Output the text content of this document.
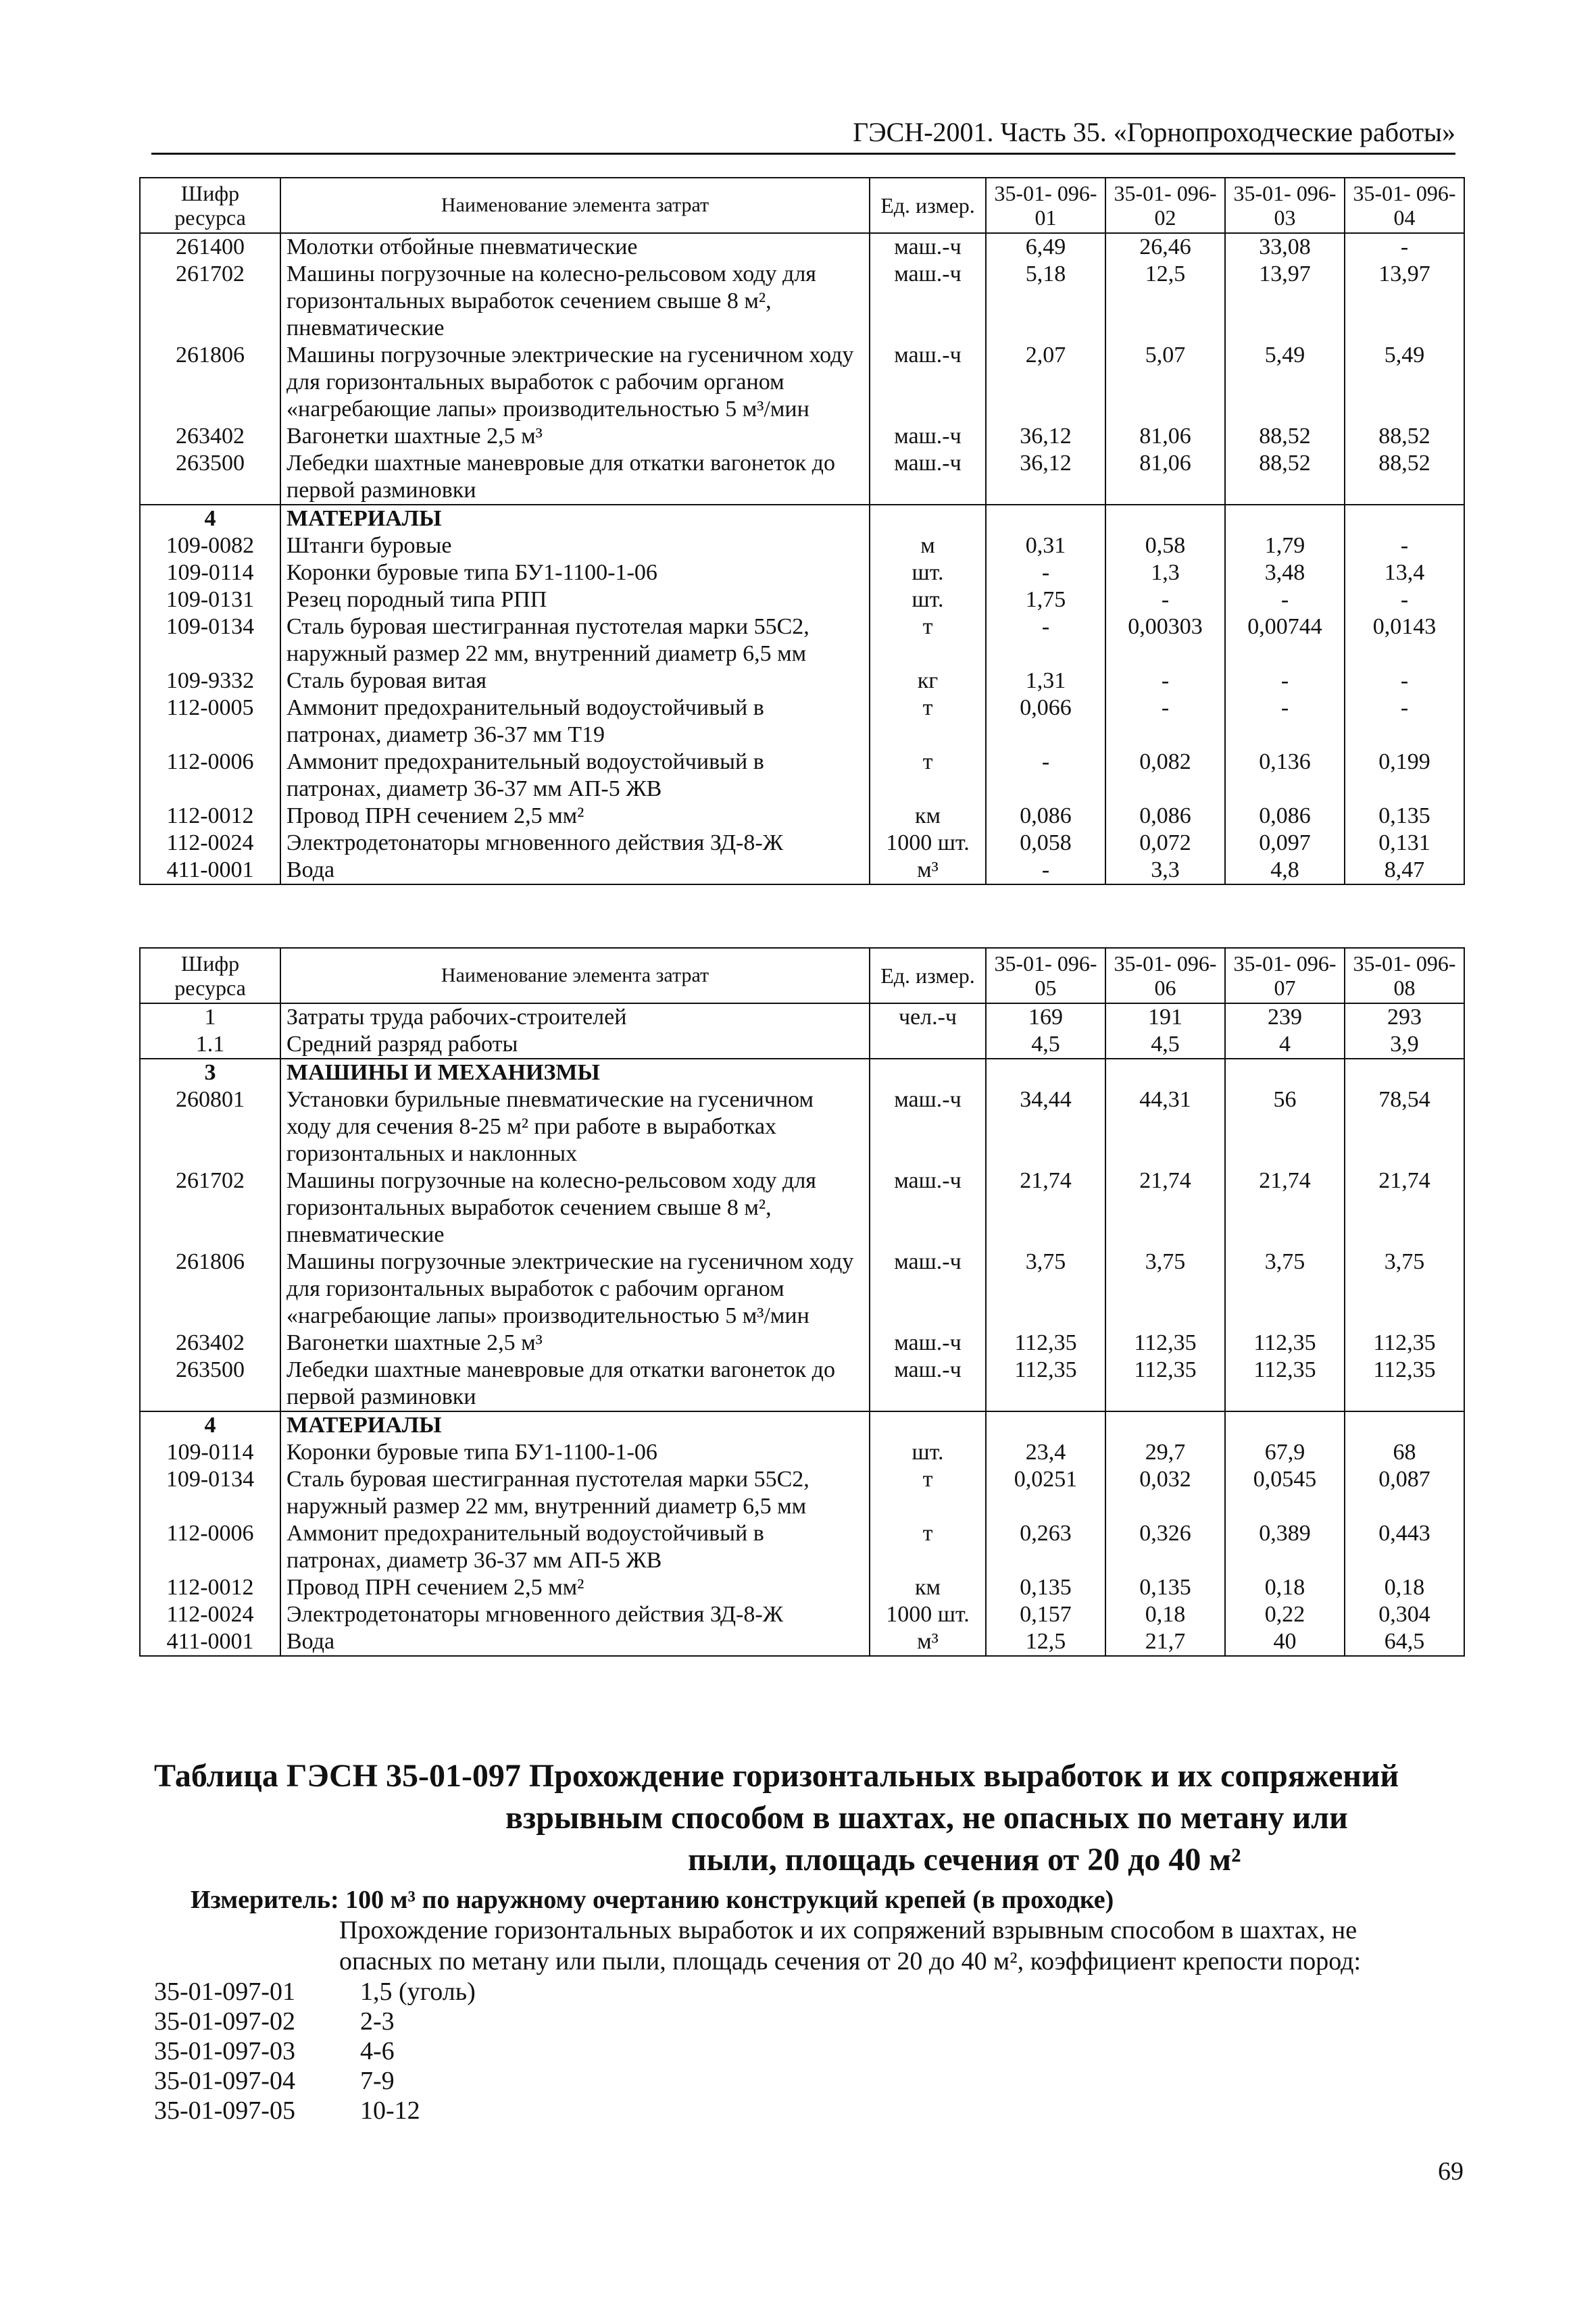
ГЭСН-2001. Часть 35. «Горнопроходческие работы»
Шифр ресурса	Наименование элемента затрат	Ед. измер.	35-01- 096-01	35-01- 096-02	35-01- 096-03	35-01- 096-04
261400	Молотки отбойные пневматические	маш.-ч	6,49	26,46	33,08	-
261702	Машины погрузочные на колесно-рельсовом ходу для горизонтальных выработок сечением свыше 8 м², пневматические	маш.-ч	5,18	12,5	13,97	13,97
261806	Машины погрузочные электрические на гусеничном ходу для горизонтальных выработок с рабочим органом «нагребающие лапы» производительностью 5 м³/мин	маш.-ч	2,07	5,07	5,49	5,49
263402	Вагонетки шахтные 2,5 м³	маш.-ч	36,12	81,06	88,52	88,52
263500	Лебедки шахтные маневровые для откатки вагонеток до первой разминовки	маш.-ч	36,12	81,06	88,52	88,52
4	МАТЕРИАЛЫ					
109-0082	Штанги буровые	м	0,31	0,58	1,79	-
109-0114	Коронки буровые типа БУ1-1100-1-06	шт.	-	1,3	3,48	13,4
109-0131	Резец породный типа РПП	шт.	1,75	-	-	-
109-0134	Сталь буровая шестигранная пустотелая марки 55С2, наружный размер 22 мм, внутренний диаметр 6,5 мм	т	-	0,00303	0,00744	0,0143
109-9332	Сталь буровая витая	кг	1,31	-	-	-
112-0005	Аммонит предохранительный водоустойчивый в патронах, диаметр 36-37 мм Т19	т	0,066	-	-	-
112-0006	Аммонит предохранительный водоустойчивый в патронах, диаметр 36-37 мм АП-5 ЖВ	т	-	0,082	0,136	0,199
112-0012	Провод ПРН сечением 2,5 мм²	км	0,086	0,086	0,086	0,135
112-0024	Электродетонаторы мгновенного действия ЗД-8-Ж	1000 шт.	0,058	0,072	0,097	0,131
411-0001	Вода	м³	-	3,3	4,8	8,47
Шифр ресурса	Наименование элемента затрат	Ед. измер.	35-01- 096-05	35-01- 096-06	35-01- 096-07	35-01- 096-08
1	Затраты труда рабочих-строителей	чел.-ч	169	191	239	293
1.1	Средний разряд работы		4,5	4,5	4	3,9
3	МАШИНЫ И МЕХАНИЗМЫ					
260801	Установки бурильные пневматические на гусеничном ходу для сечения 8-25 м² при работе в выработках горизонтальных и наклонных	маш.-ч	34,44	44,31	56	78,54
261702	Машины погрузочные на колесно-рельсовом ходу для горизонтальных выработок сечением свыше 8 м², пневматические	маш.-ч	21,74	21,74	21,74	21,74
261806	Машины погрузочные электрические на гусеничном ходу для горизонтальных выработок с рабочим органом «нагребающие лапы» производительностью 5 м³/мин	маш.-ч	3,75	3,75	3,75	3,75
263402	Вагонетки шахтные 2,5 м³	маш.-ч	112,35	112,35	112,35	112,35
263500	Лебедки шахтные маневровые для откатки вагонеток до первой разминовки	маш.-ч	112,35	112,35	112,35	112,35
4	МАТЕРИАЛЫ					
109-0114	Коронки буровые типа БУ1-1100-1-06	шт.	23,4	29,7	67,9	68
109-0134	Сталь буровая шестигранная пустотелая марки 55С2, наружный размер 22 мм, внутренний диаметр 6,5 мм	т	0,0251	0,032	0,0545	0,087
112-0006	Аммонит предохранительный водоустойчивый в патронах, диаметр 36-37 мм АП-5 ЖВ	т	0,263	0,326	0,389	0,443
112-0012	Провод ПРН сечением 2,5 мм²	км	0,135	0,135	0,18	0,18
112-0024	Электродетонаторы мгновенного действия ЗД-8-Ж	1000 шт.	0,157	0,18	0,22	0,304
411-0001	Вода	м³	12,5	21,7	40	64,5
Таблица ГЭСН 35-01-097 Прохождение горизонтальных выработок и их сопряжений
взрывным способом в шахтах, не опасных по метану или
пыли, площадь сечения от 20 до 40 м²
Измеритель: 100 м³ по наружному очертанию конструкций крепей (в проходке)
Прохождение горизонтальных выработок и их сопряжений взрывным способом в шахтах, не опасных по метану или пыли, площадь сечения от 20 до 40 м², коэффициент крепости пород:
35-01-097-01	1,5 (уголь)
35-01-097-02	2-3
35-01-097-03	4-6
35-01-097-04	7-9
35-01-097-05	10-12
69
